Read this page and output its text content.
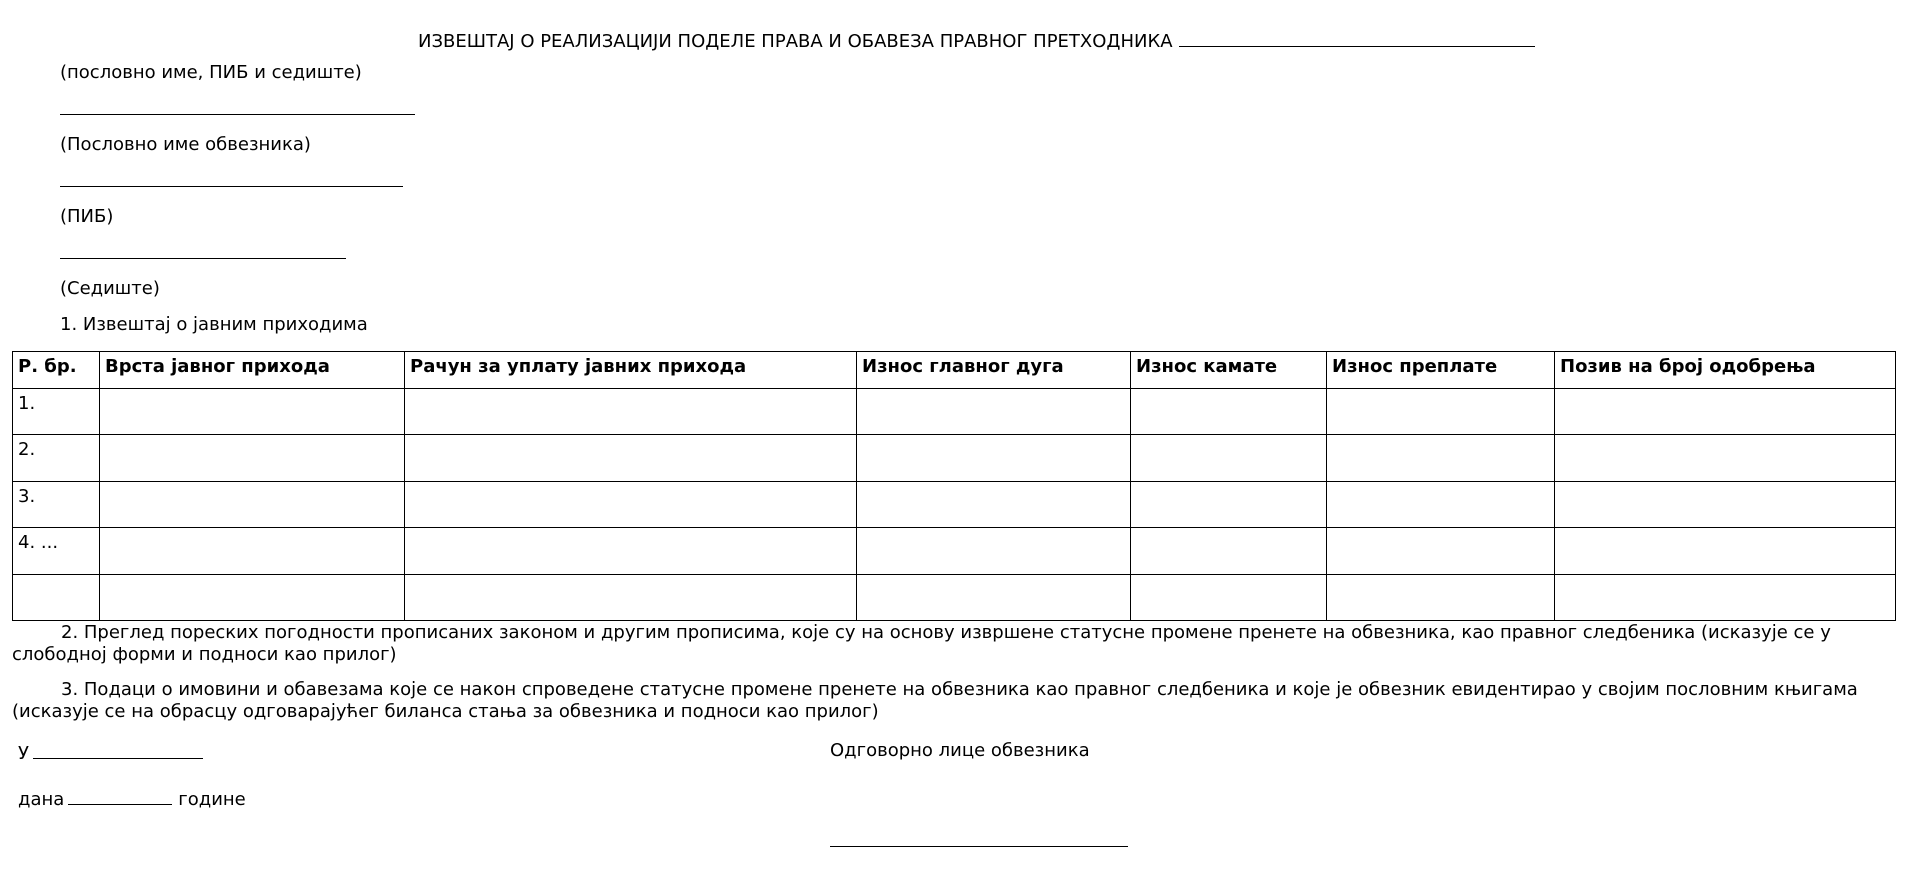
ИЗВЕШТАЈ О РЕАЛИЗАЦИЈИ ПОДЕЛЕ ПРАВА И ОБАВЕЗА ПРАВНОГ ПРЕТХОДНИКА
(пословно име, ПИБ и седиште)
(Пословно име обвезника)
(ПИБ)
(Седиште)
1. Извештај о јавним приходима
Р. бр.	Врста јавног прихода	Рачун за уплату јавних прихода	Износ главног дуга	Износ камате	Износ преплате	Позив на број одобрења
1.						
2.						
3.						
4. ...						

2. Преглед пореских погодности прописаних законом и другим прописима, које су на основу извршене статусне промене пренете на обвезника, као правног следбеника (исказује се у слободној форми и подноси као прилог)
3. Подаци о имовини и обавезама које се након спроведене статусне промене пренете на обвезника као правног следбеника и које је обвезник евидентирао у својим пословним књигама (исказује се на обрасцу одговарајућег биланса стања за обвезника и подноси као прилог)
У	Одговорно лице обвезника
дана	године
